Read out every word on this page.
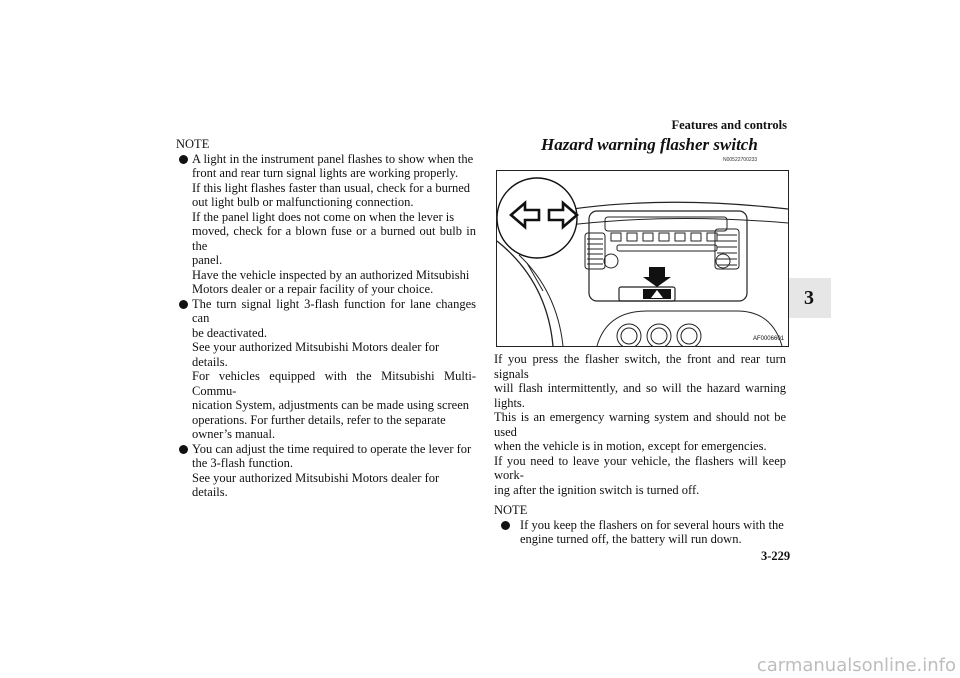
Features and controls
3
NOTE
A light in the instrument panel flashes to show when the
front and rear turn signal lights are working properly.
If this light flashes faster than usual, check for a burned
out light bulb or malfunctioning connection.
If the panel light does not come on when the lever is
moved, check for a blown fuse or a burned out bulb in the
panel.
Have the vehicle inspected by an authorized Mitsubishi
Motors dealer or a repair facility of your choice.
The turn signal light 3-flash function for lane changes can
be deactivated.
See your authorized Mitsubishi Motors dealer for details.
For vehicles equipped with the Mitsubishi Multi-Commu-
nication System, adjustments can be made using screen
operations. For further details, refer to the separate
owner’s manual.
You can adjust the time required to operate the lever for
the 3-flash function.
See your authorized Mitsubishi Motors dealer for details.
Hazard warning flasher switch
N00522700233
AF0006601
If you press the flasher switch, the front and rear turn signals
will flash intermittently, and so will the hazard warning lights.
This is an emergency warning system and should not be used
when the vehicle is in motion, except for emergencies.
If you need to leave your vehicle, the flashers will keep work-
ing after the ignition switch is turned off.
NOTE
If you keep the flashers on for several hours with the
engine turned off, the battery will run down.
3-229
carmanualsonline.info
